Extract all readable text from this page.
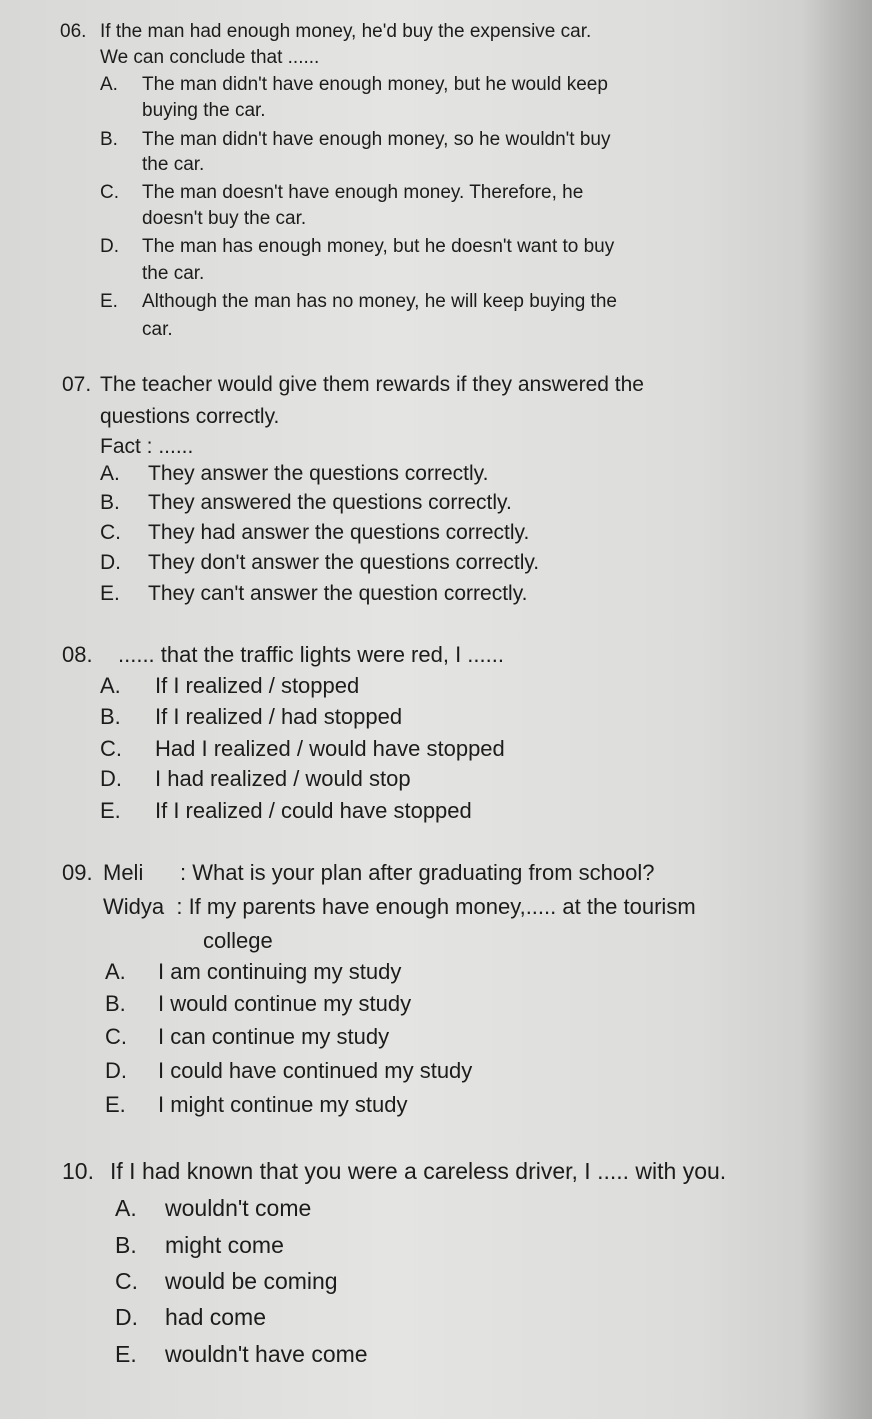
06. If the man had enough money, he'd buy the expensive car.
We can conclude that ......
A. The man didn't have enough money, but he would keep
buying the car.
B. The man didn't have enough money, so he wouldn't buy
the car.
C. The man doesn't have enough money. Therefore, he
doesn't buy the car.
D. The man has enough money, but he doesn't want to buy
the car.
E. Although the man has no money, he will keep buying the
car.
07. The teacher would give them rewards if they answered the
questions correctly.
Fact : ......
A. They answer the questions correctly.
B. They answered the questions correctly.
C. They had answer the questions correctly.
D. They don't answer the questions correctly.
E. They can't answer the question correctly.
08. ...... that the traffic lights were red, I ......
A. If I realized / stopped
B. If I realized / had stopped
C. Had I realized / would have stopped
D. I had realized / would stop
E. If I realized / could have stopped
09. Meli      : What is your plan after graduating from school?
Widya  : If my parents have enough money,..... at the tourism
college
A. I am continuing my study
B. I would continue my study
C. I can continue my study
D. I could have continued my study
E. I might continue my study
10. If I had known that you were a careless driver, I ..... with you.
A. wouldn't come
B. might come
C. would be coming
D. had come
E. wouldn't have come
